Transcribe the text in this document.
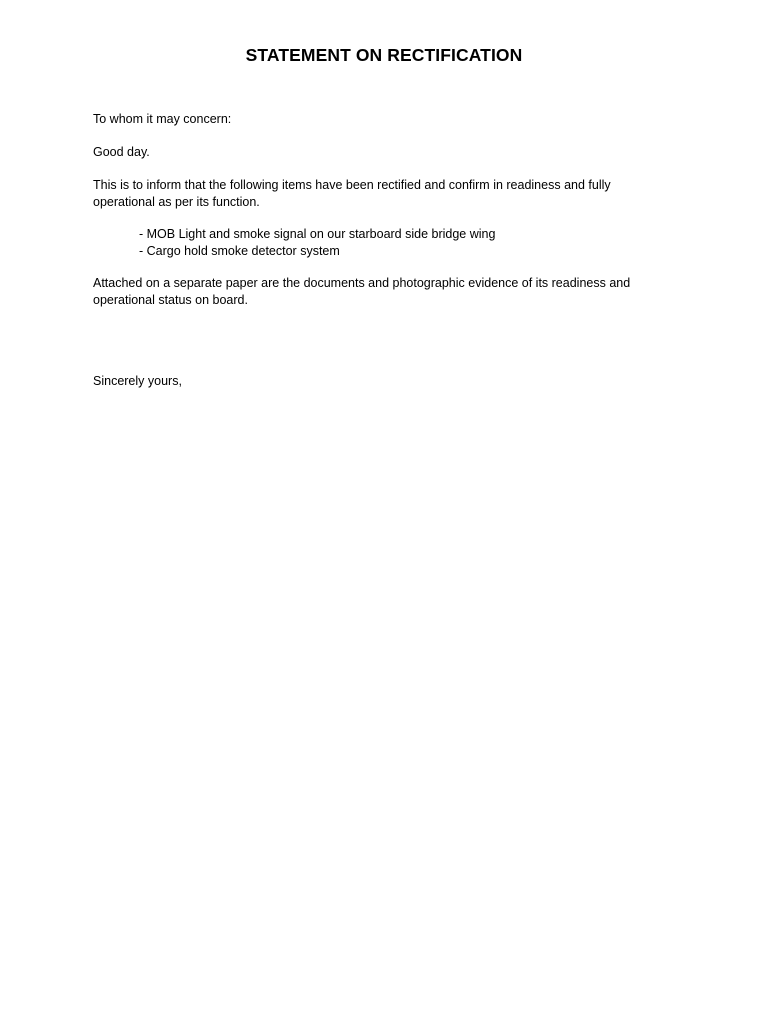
STATEMENT ON RECTIFICATION

To whom it may concern:

Good day.

This is to inform that the following items have been rectified and confirm in readiness and fully operational as per its function.

- MOB Light and smoke signal on our starboard side bridge wing
- Cargo hold smoke detector system

Attached on a separate paper are the documents and photographic evidence of its readiness and operational status on board.

Sincerely yours,
